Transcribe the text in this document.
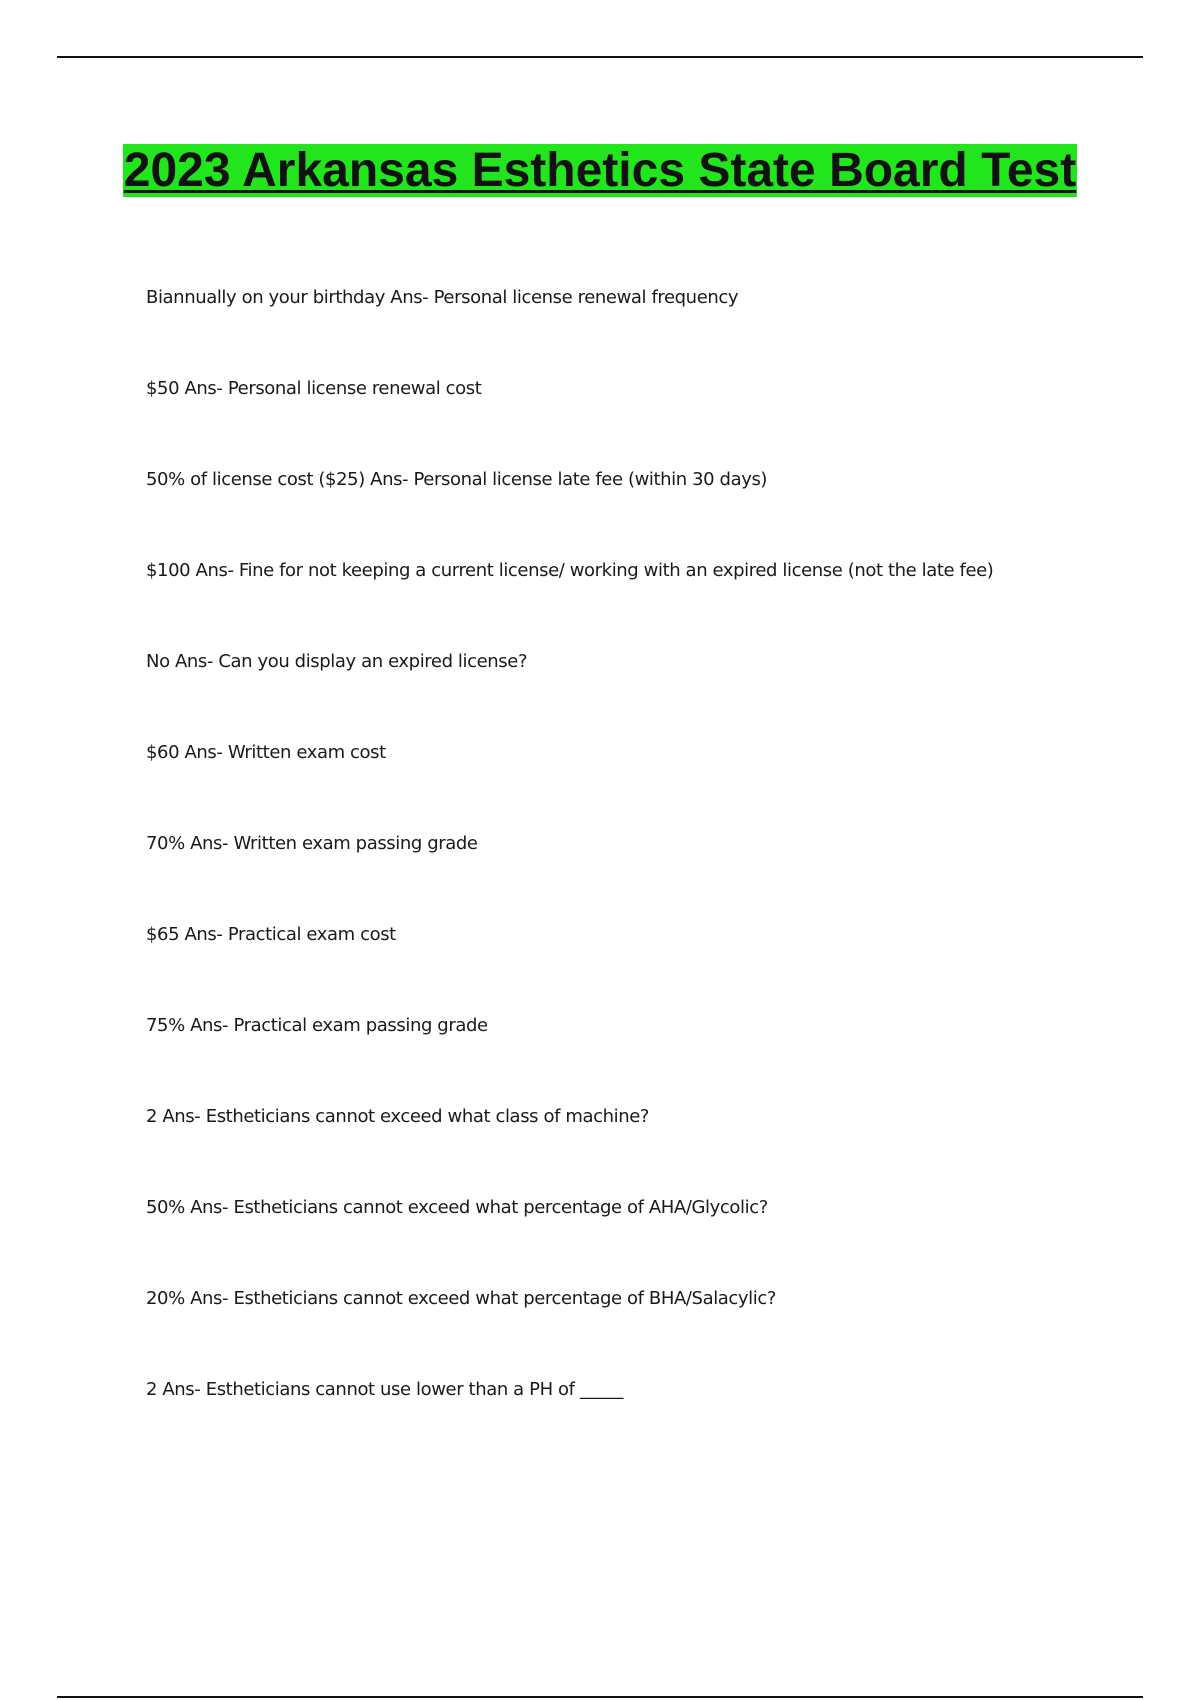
2023 Arkansas Esthetics State Board Test
Biannually on your birthday Ans- Personal license renewal frequency
$50 Ans- Personal license renewal cost
50% of license cost ($25) Ans- Personal license late fee (within 30 days)
$100 Ans- Fine for not keeping a current license/ working with an expired license (not the late fee)
No Ans- Can you display an expired license?
$60 Ans- Written exam cost
70% Ans- Written exam passing grade
$65 Ans- Practical exam cost
75% Ans- Practical exam passing grade
2 Ans- Estheticians cannot exceed what class of machine?
50% Ans- Estheticians cannot exceed what percentage of AHA/Glycolic?
20% Ans- Estheticians cannot exceed what percentage of BHA/Salacylic?
2 Ans- Estheticians cannot use lower than a PH of _____
